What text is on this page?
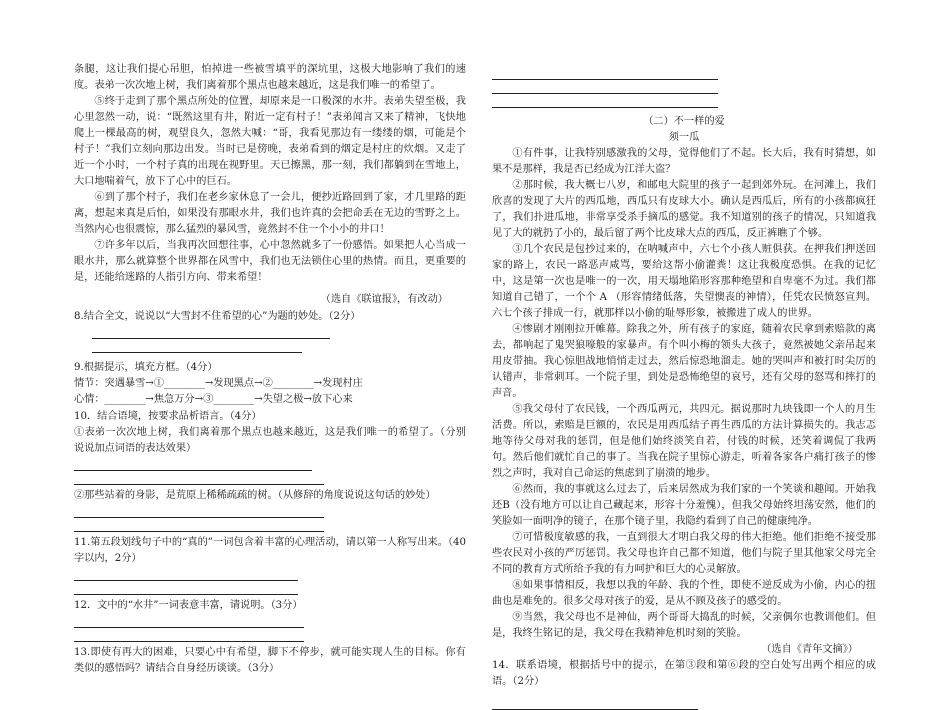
条腿，这让我们提心吊胆，怕掉进一些被雪填平的深坑里，这极大地影响了我们的速度。表弟一次次地上树，我们离着那个黑点也越来越近，这是我们唯一的希望了。

⑤终于走到了那个黑点所处的位置，却原来是一口极深的水井。表弟失望至极，我心里忽然一动，说：“既然这里有井，附近一定有村子！”表弟闻言又来了精神，飞快地爬上一棵最高的树，观望良久，忽然大喊：“哥，我看见那边有一缕缕的烟，可能是个村子！”我们立刻向那边出发。当时已是傍晚，表弟看到的烟定是村庄的炊烟。又走了近一个小时，一个村子真的出现在视野里。天已擦黑，那一刻，我们都躺到在雪地上，大口地喘着气，放下了心中的巨石。

⑥到了那个村子，我们在老乡家休息了一会儿，便抄近路回到了家，才几里路的距离，想起来真是后怕，如果没有那眼水井，我们也许真的会把命丢在无边的雪野之上。当然内心也很震惊，那么猛烈的暴风雪，竟然封不住一个小小的井口！

⑦许多年以后，当我再次回想往事，心中忽然就多了一份感悟。如果把人心当成一眼水井，那么就算整个世界都在风雪中，我们也无法锁住心里的热情。而且，更重要的是，还能给迷路的人指引方向、带来希望！

（选自《联谊报》，有改动）

8.结合全文，说说以“大雪封不住希望的心”为题的妙处。（2分）

9.根据提示，填充方框。（4分）

情节：突遇暴雪→①________→发现黑点→②________→发现村庄

心情：________→焦急万分→③________→失望之极→放下心来

10．结合语境，按要求品析语言。（4分）

①表弟一次次地上树，我们离着那个黑点也越来越近，这是我们唯一的希望了。（分别说说加点词语的表达效果）

②那些站着的身影，是荒原上稀稀疏疏的树。（从修辞的角度说说这句话的妙处）

11.第五段划线句子中的“真的”一词包含着丰富的心理活动，请以第一人称写出来。（40字以内，2分）

12．文中的“水井”一词表意丰富，请说明。（3分）

13.即使有再大的困难，只要心中有希望，脚下不停步，就可能实现人生的目标。你有类似的感悟吗？请结合自身经历谈谈。（3分）

（二）不一样的爱

须一瓜

①有件事，让我特别感激我的父母，觉得他们了不起。长大后，我有时猜想，如果不是那样，我是否已经成为江洋大盗？

②那时候，我大概七八岁，和邮电大院里的孩子一起到郊外玩。在河滩上，我们欣喜的发现了大片的西瓜地，西瓜只有皮球大小。确认是西瓜后，所有的小孩都疯狂了，我们扑进瓜地，非常享受杀手摘瓜的感觉。我不知道别的孩子的情况，只知道我见了大的就扔了小的，最后留了两个比皮球大点的西瓜，反正裤瞧了个够。

③几个农民是包抄过来的，在呐喊声中，六七个小孩人赃俱获。在押我们押送回家的路上，农民一路恶声咸骂，要给这帮小偷灌粪！这让我极度恐惧。在我的记忆中，这是第一次也是唯一的一次，用天塌地陷形容那种绝望和自卑毫不为过。我们都知道自己错了，一个个 A （形容情绪低落，失望懊丧的神情），任凭农民愤怒宣判。六七个孩子排成一行，就那样以小偷的耻辱形象，被搬进了成人的世界。

④惨剧才刚刚拉开帷幕。除我之外，所有孩子的家庭，随着农民拿到索赔款的离去，都响起了鬼哭狼嚎般的家暴声。有个叫小梅的领头大孩子，竟然被她父亲吊起来用皮带抽。我心惊胆战地悄悄走过去，然后惊恐地溜走。她的哭叫声和被打时尖厉的认错声，非常刺耳。一个院子里，到处是恐怖绝望的哀号，还有父母的怒骂和摔打的声音。

⑤我父母付了农民钱，一个西瓜两元，共四元。据说那时九块钱即一个人的月生活费。所以，索赔是巨额的，农民是用西瓜结子再生西瓜的方法计算损失的。我志忑地等待父母对我的惩罚，但是他们始终淡笑自若，付钱的时候，还笑着调侃了我两句。然后他们就忙自己的事了。当我在院子里惊心游走，听着各家各户痛打孩子的惨烈之声时，我对自己命运的焦虑到了崩溃的地步。

⑥然而，我的事就这么过去了，后来居然成为我们家的一个笑谈和趣闻。开始我还B（没有地方可以让自己藏起来，形容十分羞愧），但我父母始终坦荡安然，他们的笑脸如一面明净的镜子，在那个镜子里，我隐约看到了自己的健康纯净。

⑦可惜极度敏感的我，一直到很大才明白我父母的伟大拒绝。他们拒绝不接受那些农民对小孩的严厉惩罚。我父母也许自己都不知道，他们与院子里其他家父母完全不同的教育方式所给予我的有力呵护和巨大的心灵解放。

⑧如果事情相反，我想以我的年龄、我的个性，即使不逆反成为小偷，内心的扭曲也是难免的。很多父母对孩子的爱，是从不顾及孩子的感受的。

⑨当然，我父母也不是神仙，两个哥哥大捣乱的时候，父亲偶尔也教训他们。但是，我终生铭记的是，我父母在我精神危机时刻的笑脸。

（选自《青年文摘》）

14．联系语境，根据括号中的提示，在第③段和第⑥段的空白处写出两个相应的成语。（2分）
